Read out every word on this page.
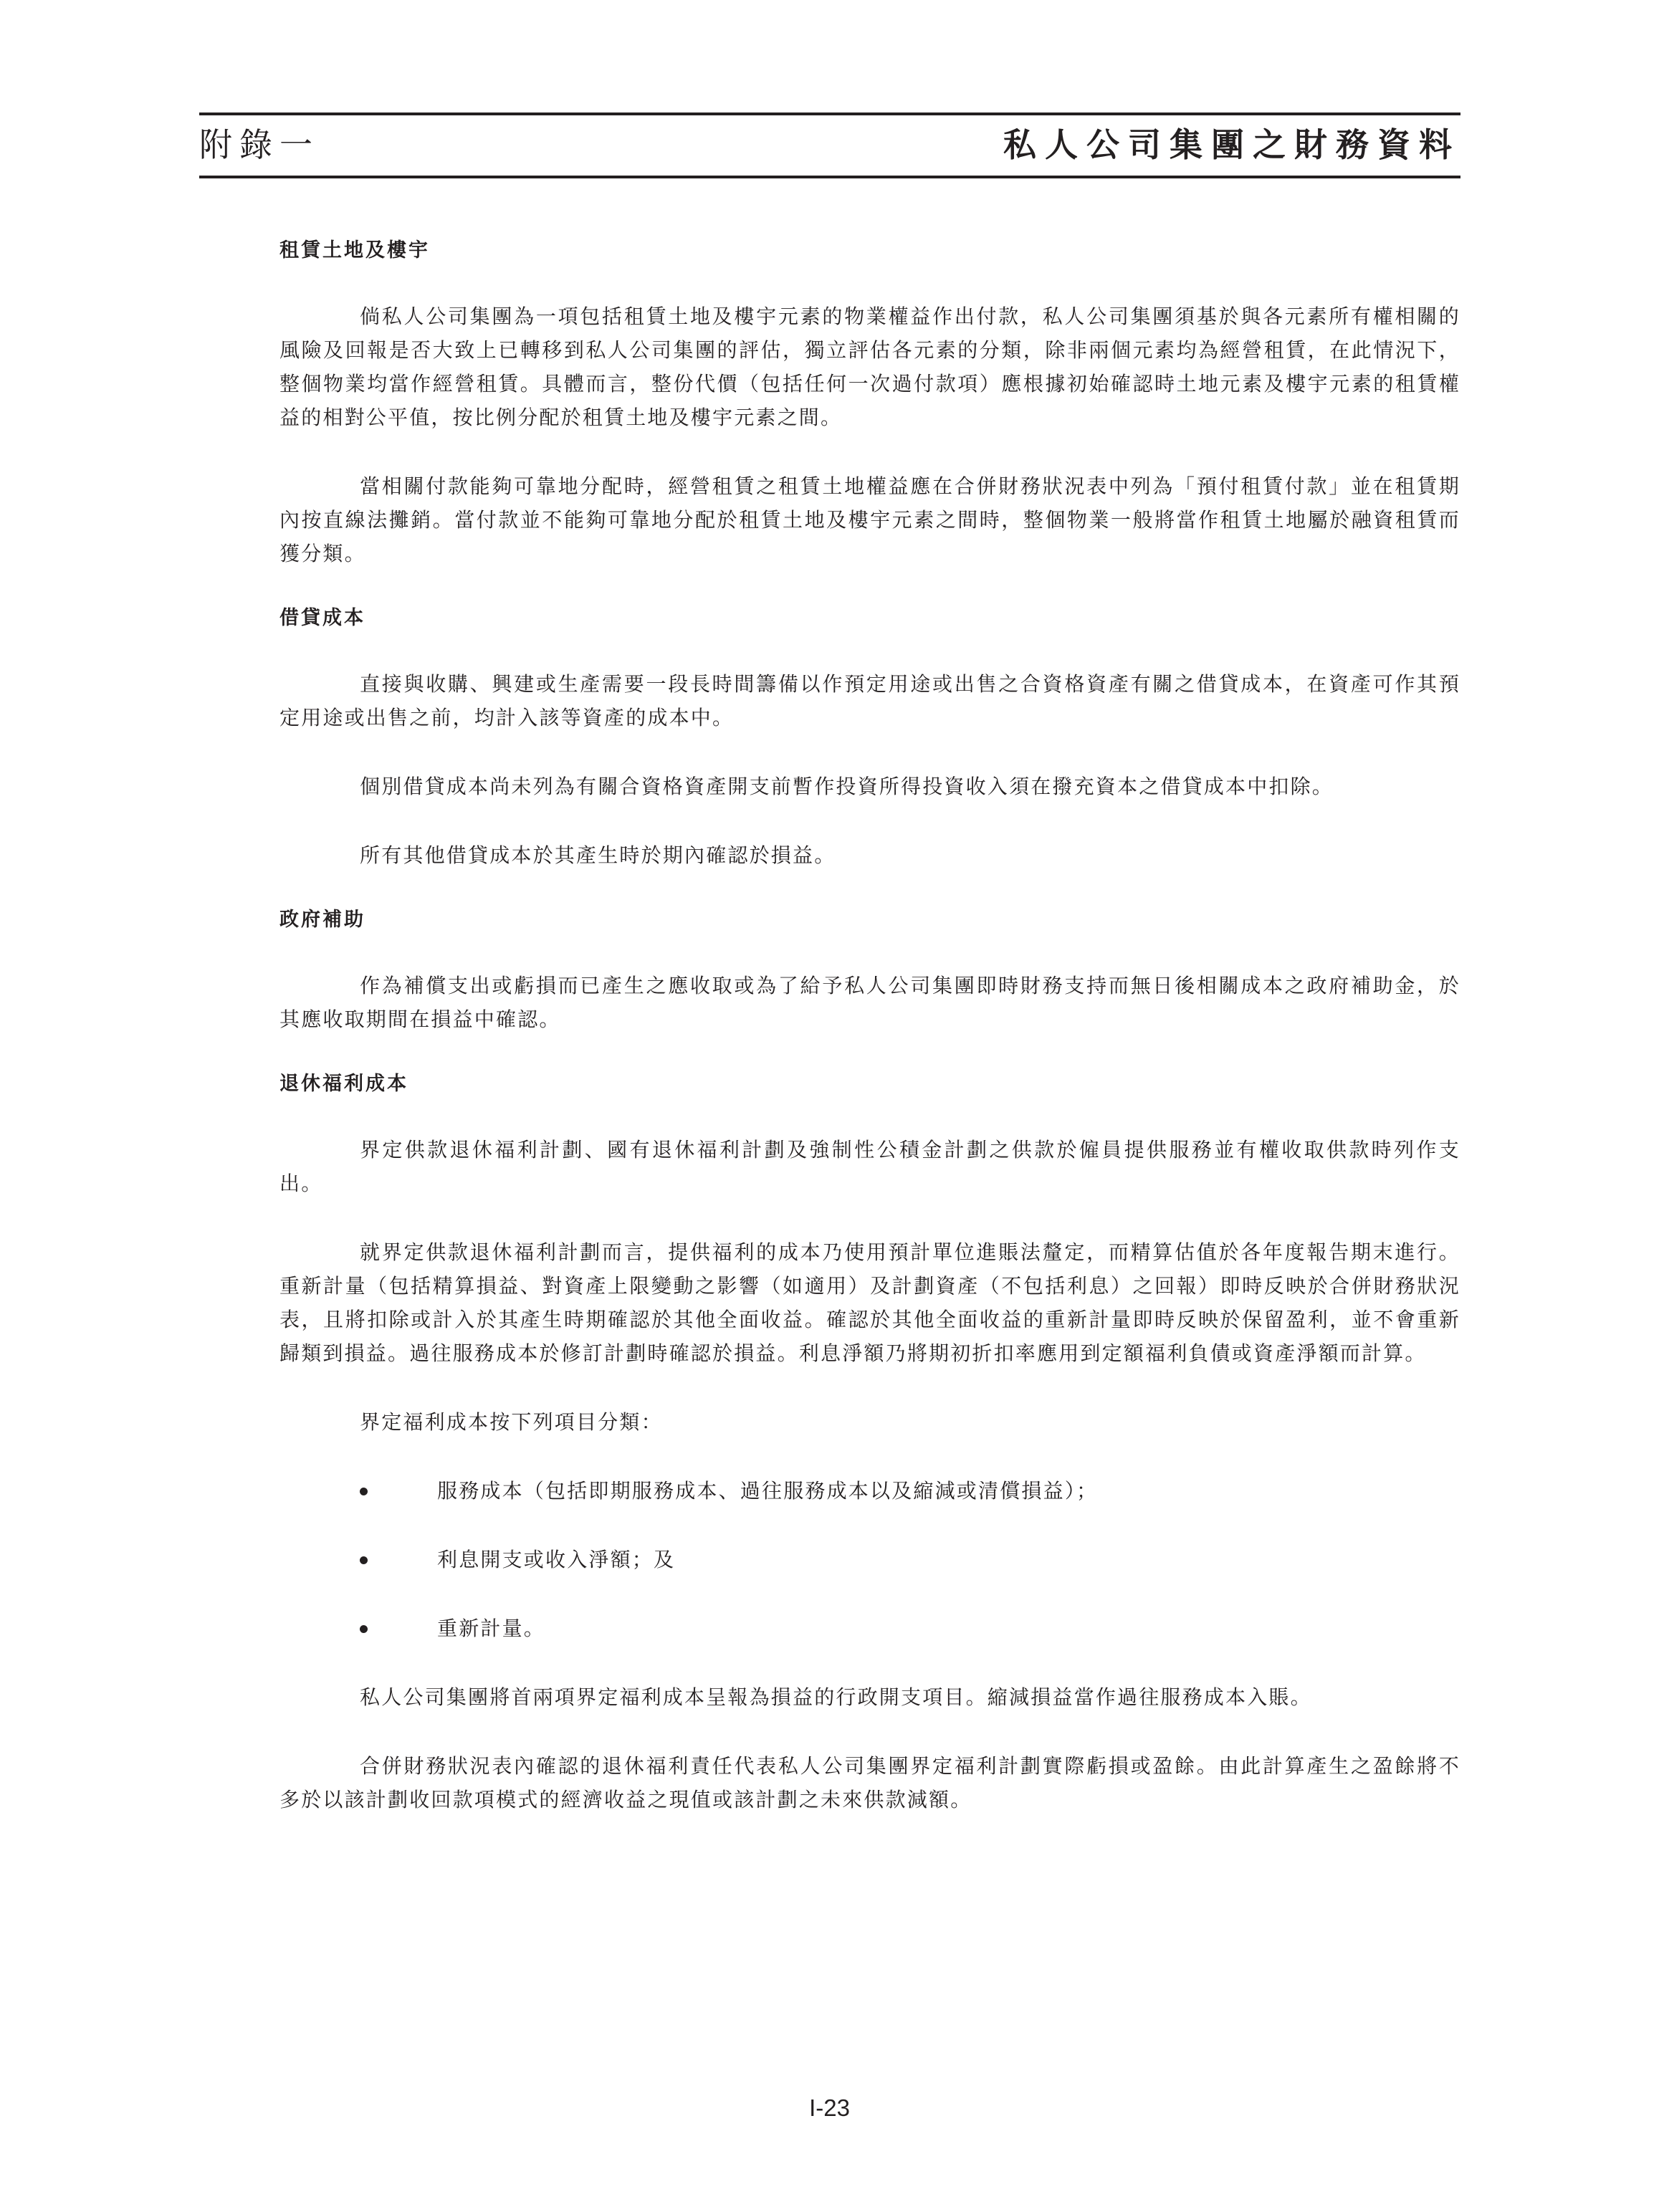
附錄一	私人公司集團之財務資料
租賃土地及樓宇

倘私人公司集團為一項包括租賃土地及樓宇元素的物業權益作出付款，私人公司集團須基於與各元素所有權相關的風險及回報是否大致上已轉移到私人公司集團的評估，獨立評估各元素的分類，除非兩個元素均為經營租賃，在此情況下，整個物業均當作經營租賃。具體而言，整份代價（包括任何一次過付款項）應根據初始確認時土地元素及樓宇元素的租賃權益的相對公平值，按比例分配於租賃土地及樓宇元素之間。

當相關付款能夠可靠地分配時，經營租賃之租賃土地權益應在合併財務狀況表中列為「預付租賃付款」並在租賃期內按直線法攤銷。當付款並不能夠可靠地分配於租賃土地及樓宇元素之間時，整個物業一般將當作租賃土地屬於融資租賃而獲分類。

借貸成本

直接與收購、興建或生產需要一段長時間籌備以作預定用途或出售之合資格資產有關之借貸成本，在資產可作其預定用途或出售之前，均計入該等資產的成本中。

個別借貸成本尚未列為有關合資格資產開支前暫作投資所得投資收入須在撥充資本之借貸成本中扣除。

所有其他借貸成本於其產生時於期內確認於損益。

政府補助

作為補償支出或虧損而已產生之應收取或為了給予私人公司集團即時財務支持而無日後相關成本之政府補助金，於其應收取期間在損益中確認。

退休福利成本

界定供款退休福利計劃、國有退休福利計劃及強制性公積金計劃之供款於僱員提供服務並有權收取供款時列作支出。

就界定供款退休福利計劃而言，提供福利的成本乃使用預計單位進賬法釐定，而精算估值於各年度報告期末進行。重新計量（包括精算損益、對資產上限變動之影響（如適用）及計劃資產（不包括利息）之回報）即時反映於合併財務狀況表，且將扣除或計入於其產生時期確認於其他全面收益。確認於其他全面收益的重新計量即時反映於保留盈利，並不會重新歸類到損益。過往服務成本於修訂計劃時確認於損益。利息淨額乃將期初折扣率應用到定額福利負債或資產淨額而計算。

界定福利成本按下列項目分類：

服務成本（包括即期服務成本、過往服務成本以及縮減或清償損益）；
利息開支或收入淨額；及
重新計量。

私人公司集團將首兩項界定福利成本呈報為損益的行政開支項目。縮減損益當作過往服務成本入賬。

合併財務狀況表內確認的退休福利責任代表私人公司集團界定福利計劃實際虧損或盈餘。由此計算產生之盈餘將不多於以該計劃收回款項模式的經濟收益之現值或該計劃之未來供款減額。

I-23
